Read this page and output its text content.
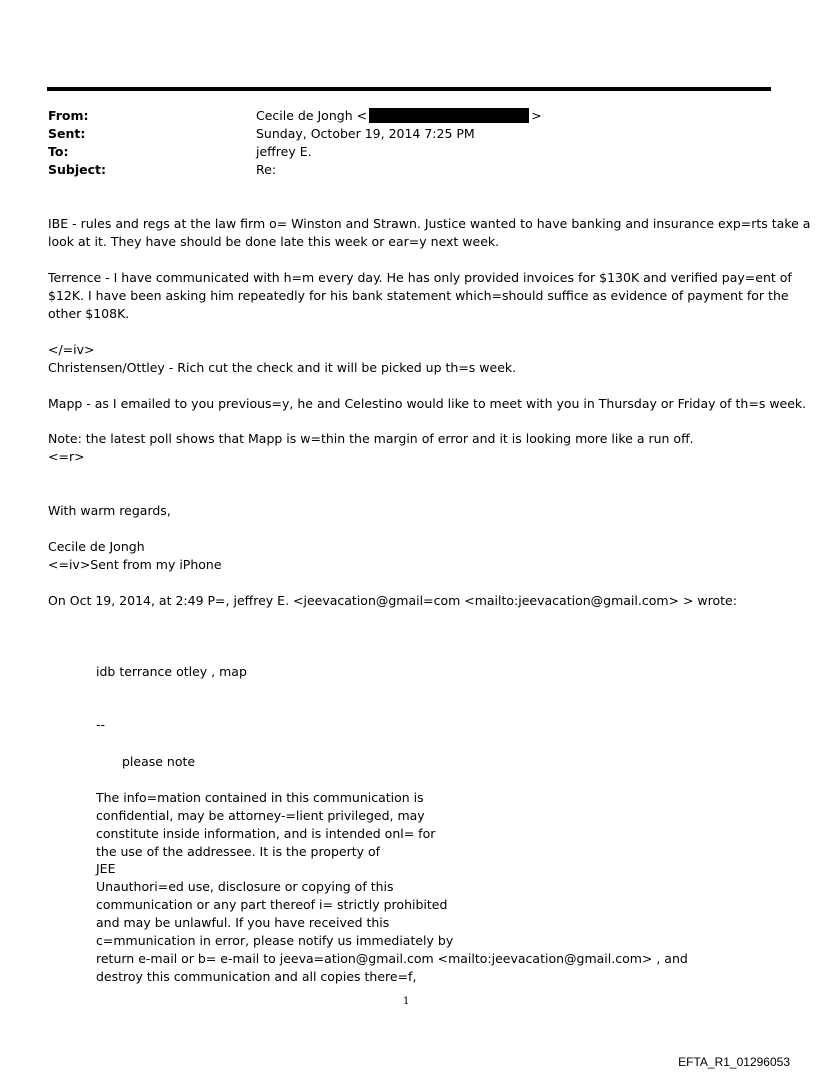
From:	Cecile de Jongh <	>
Sent:	Sunday, October 19, 2014 7:25 PM
To:	jeffrey E.
Subject:	Re:
IBE - rules and regs at the law firm o= Winston and Strawn. Justice wanted to have banking and insurance exp=rts take a
look at it. They have should be done late this week or ear=y next week.
Terrence - I have communicated with h=m every day. He has only provided invoices for $130K and verified pay=ent of
$12K. I have been asking him repeatedly for his bank statement which=should suffice as evidence of payment for the
other $108K.
</=iv>
Christensen/Ottley - Rich cut the check and it will be picked up th=s week.
Mapp - as I emailed to you previous=y, he and Celestino would like to meet with you in Thursday or Friday of th=s week.
Note: the latest poll shows that Mapp is w=thin the margin of error and it is looking more like a run off.
<=r>
With warm regards,
Cecile de Jongh
<=iv>Sent from my iPhone
On Oct 19, 2014, at 2:49 P=, jeffrey E. <jeevacation@gmail=com <mailto:jeevacation@gmail.com> > wrote:
idb terrance otley , map
--
please note
The info=mation contained in this communication is
confidential, may be attorney-=lient privileged, may
constitute inside information, and is intended onl= for
the use of the addressee. It is the property of
JEE
Unauthori=ed use, disclosure or copying of this
communication or any part thereof i= strictly prohibited
and may be unlawful. If you have received this
c=mmunication in error, please notify us immediately by
return e-mail or b= e-mail to jeeva=ation@gmail.com <mailto:jeevacation@gmail.com> , and
destroy this communication and all copies there=f,
1
EFTA_R1_01296053
